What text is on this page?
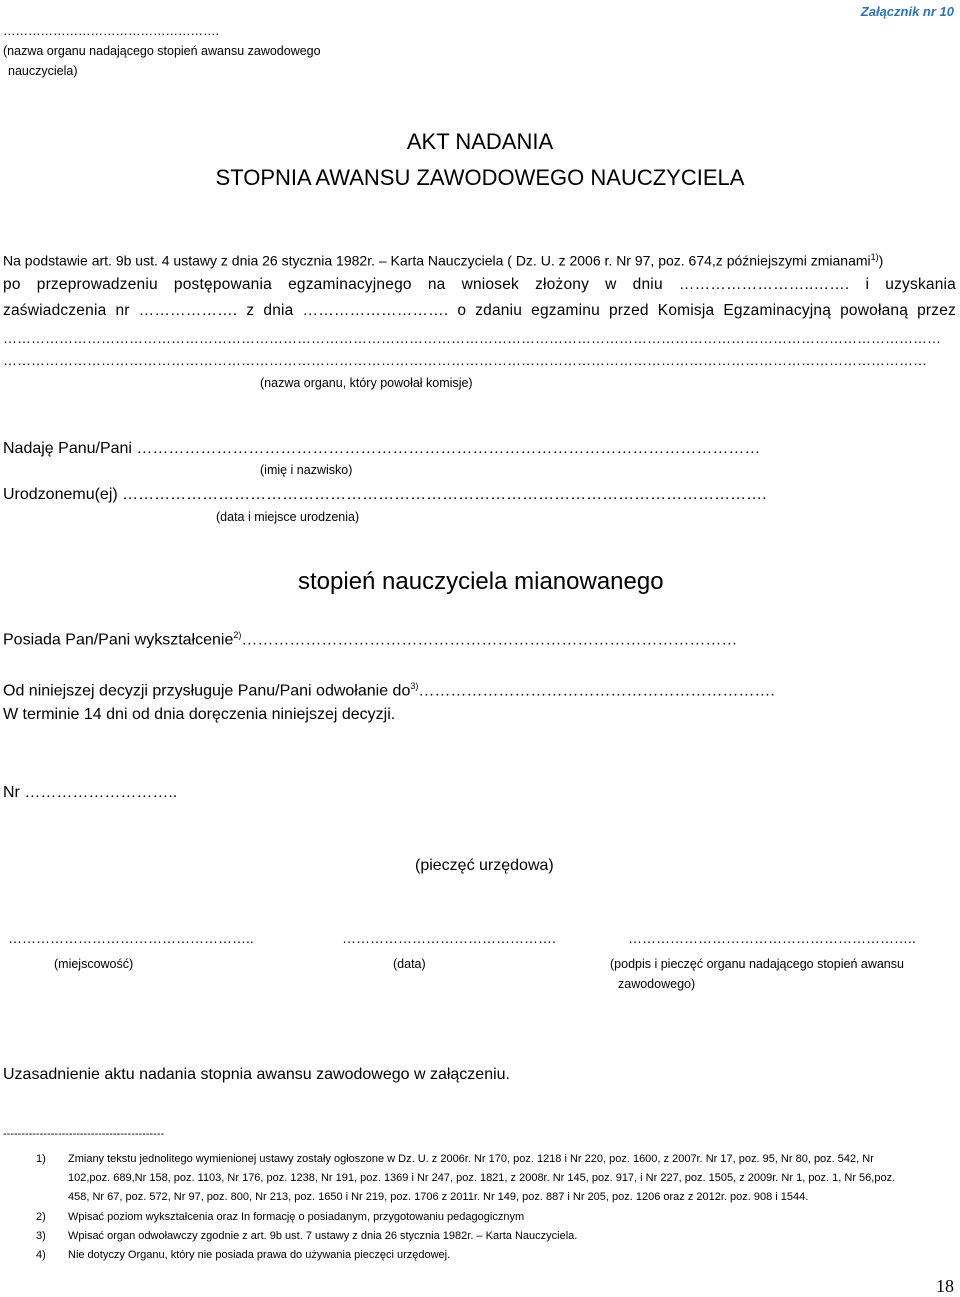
Załącznik nr 10
…………………………………………….
(nazwa organu nadającego stopień awansu zawodowego
nauczyciela)
AKT NADANIA
STOPNIA AWANSU ZAWODOWEGO NAUCZYCIELA
Na podstawie art. 9b ust. 4 ustawy z dnia 26 stycznia 1982r. – Karta Nauczyciela ( Dz. U. z 2006 r. Nr 97, poz. 674,z późniejszymi zmianami$^{1)}$)
po przeprowadzeniu postępowania egzaminacyjnego na wniosek złożony w dniu ……………………..……. i uzyskania
zaświadczenia nr ………………. z dnia ………………………. o zdaniu egzaminu przed Komisja Egzaminacyjną powołaną przez
…………………………………………………………………………………………………………………………………………………………………………………
………………………………………………………………………………………………………………………………………………………………………………
(nazwa organu, który powołał komisje)
Nadaję Panu/Pani ………………………………………………………………………………………………………
(imię i nazwisko)
Urodzonemu(ej) ………………………………………………………………………………………………………….
(data i miejsce urodzenia)
stopień nauczyciela mianowanego
Posiada Pan/Pani wykształcenie$^{2)}$…………………………………………………………………………………
Od niniejszej decyzji przysługuje Panu/Pani odwołanie $do^{3)}\dots\dots\dots\dots\dots\dots\dots\dots\dots\dots\dots\dots\dots\dots\dots\dots\dots\dots\dots\dots\dots\dots$.
W terminie 14 dni od dnia doręczenia niniejszej decyzji.
Nr ………………………..
(pieczęć urzędowa)
……………………………………………..	……………………………………….	……………………………………………………..
(miejscowość)	(data)	(podpis i pieczęć organu nadającego stopień awansu
zawodowego)
Uzasadnienie aktu nadania stopnia awansu zawodowego w załączeniu.
--------------------------------------------
1) Zmiany tekstu jednolitego wymienionej ustawy zostały ogłoszone w Dz. U. z 2006r. Nr 170, poz. 1218 i Nr 220, poz. 1600, z 2007r. Nr 17, poz. 95, Nr 80, poz. 542, Nr
102,poz. 689,Nr 158, poz. 1103, Nr 176, poz. 1238, Nr 191, poz. 1369 i Nr 247, poz. 1821, z 2008r. Nr 145, poz. 917, i Nr 227, poz. 1505, z 2009r. Nr 1, poz. 1, Nr 56,poz.
458, Nr 67, poz. 572, Nr 97, poz. 800, Nr 213, poz. 1650 i Nr 219, poz. 1706 z 2011r. Nr 149, poz. 887 i Nr 205, poz. 1206 oraz z 2012r. poz. 908 i 1544.
2) Wpisać poziom wykształcenia oraz In formację o posiadanym, przygotowaniu pedagogicznym
3) Wpisać organ odwoławczy zgodnie z art. 9b ust. 7 ustawy z dnia 26 stycznia 1982r. – Karta Nauczyciela.
4) Nie dotyczy Organu, który nie posiada prawa do używania pieczęci urzędowej.
18
